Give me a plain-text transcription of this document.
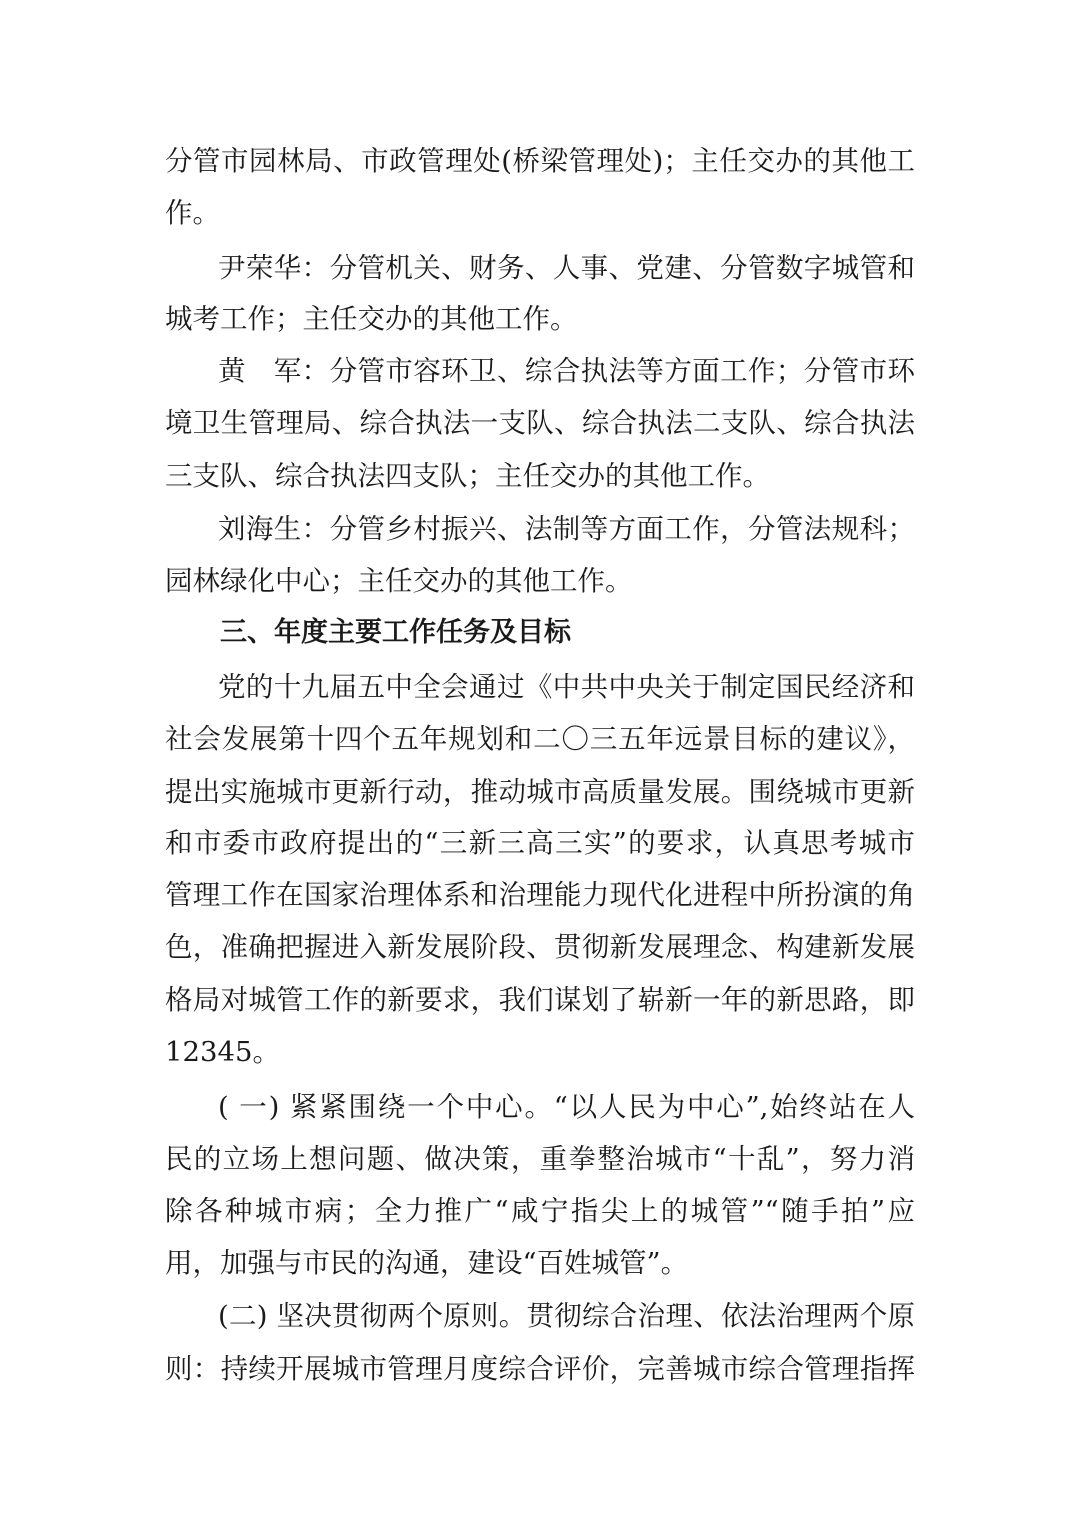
分管市园林局、市政管理处(桥梁管理处)；主任交办的其他工
作。
尹荣华：分管机关、财务、人事、党建、分管数字城管和
城考工作；主任交办的其他工作。
黄　军：分管市容环卫、综合执法等方面工作；分管市环
境卫生管理局、综合执法一支队、综合执法二支队、综合执法
三支队、综合执法四支队；主任交办的其他工作。
刘海生：分管乡村振兴、法制等方面工作，分管法规科；
园林绿化中心；主任交办的其他工作。
三、年度主要工作任务及目标
党的十九届五中全会通过《中共中央关于制定国民经济和
社会发展第十四个五年规划和二〇三五年远景目标的建议》，
提出实施城市更新行动，推动城市高质量发展。围绕城市更新
和市委市政府提出的“三新三高三实”的要求，认真思考城市
管理工作在国家治理体系和治理能力现代化进程中所扮演的角
色，准确把握进入新发展阶段、贯彻新发展理念、构建新发展
格局对城管工作的新要求，我们谋划了崭新一年的新思路，即
12345。
( 一) 紧紧围绕一个中心。“以人民为中心”,始终站在人
民的立场上想问题、做决策，重拳整治城市“十乱”，努力消
除各种城市病；全力推广“咸宁指尖上的城管”“随手拍”应
用，加强与市民的沟通，建设“百姓城管”。
(二) 坚决贯彻两个原则。贯彻综合治理、依法治理两个原
则：持续开展城市管理月度综合评价，完善城市综合管理指挥
